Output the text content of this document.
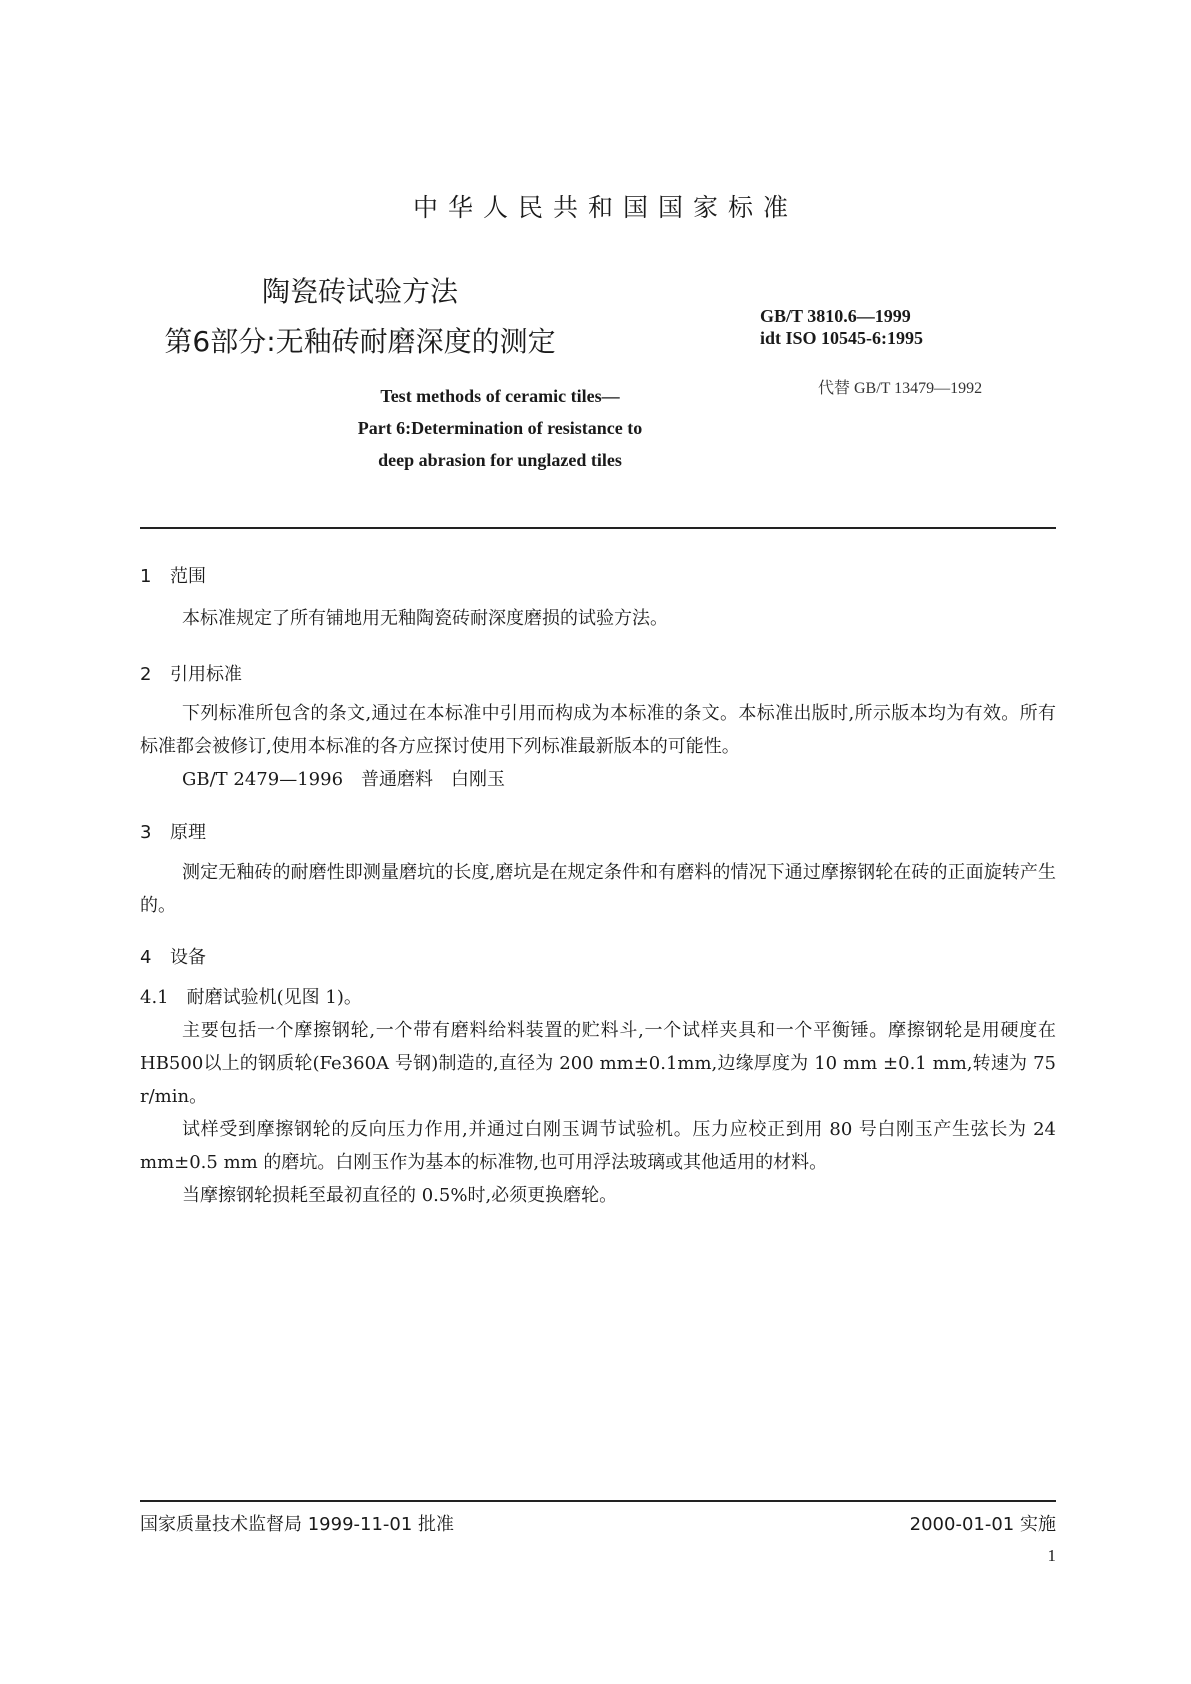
中华人民共和国国家标准
陶瓷砖试验方法
第6部分:无釉砖耐磨深度的测定
Test methods of ceramic tiles—
Part 6:Determination of resistance to
deep abrasion for unglazed tiles
GB/T 3810.6—1999
idt ISO 10545-6:1995
代替 GB/T 13479—1992
1 范围
本标准规定了所有铺地用无釉陶瓷砖耐深度磨损的试验方法。
2 引用标准
下列标准所包含的条文,通过在本标准中引用而构成为本标准的条文。本标准出版时,所示版本均为有效。所有标准都会被修订,使用本标准的各方应探讨使用下列标准最新版本的可能性。
GB/T 2479—1996　普通磨料　白刚玉
3 原理
测定无釉砖的耐磨性即测量磨坑的长度,磨坑是在规定条件和有磨料的情况下通过摩擦钢轮在砖的正面旋转产生的。
4 设备
4.1　耐磨试验机(见图 1)。
主要包括一个摩擦钢轮,一个带有磨料给料装置的贮料斗,一个试样夹具和一个平衡锤。摩擦钢轮是用硬度在HB500以上的钢质轮(Fe360A 号钢)制造的,直径为 200 mm±0.1mm,边缘厚度为 10 mm ±0.1 mm,转速为 75 r/min。
试样受到摩擦钢轮的反向压力作用,并通过白刚玉调节试验机。压力应校正到用 80 号白刚玉产生弦长为 24 mm±0.5 mm 的磨坑。白刚玉作为基本的标准物,也可用浮法玻璃或其他适用的材料。
当摩擦钢轮损耗至最初直径的 0.5%时,必须更换磨轮。
国家质量技术监督局 1999-11-01 批准	2000-01-01 实施
1
